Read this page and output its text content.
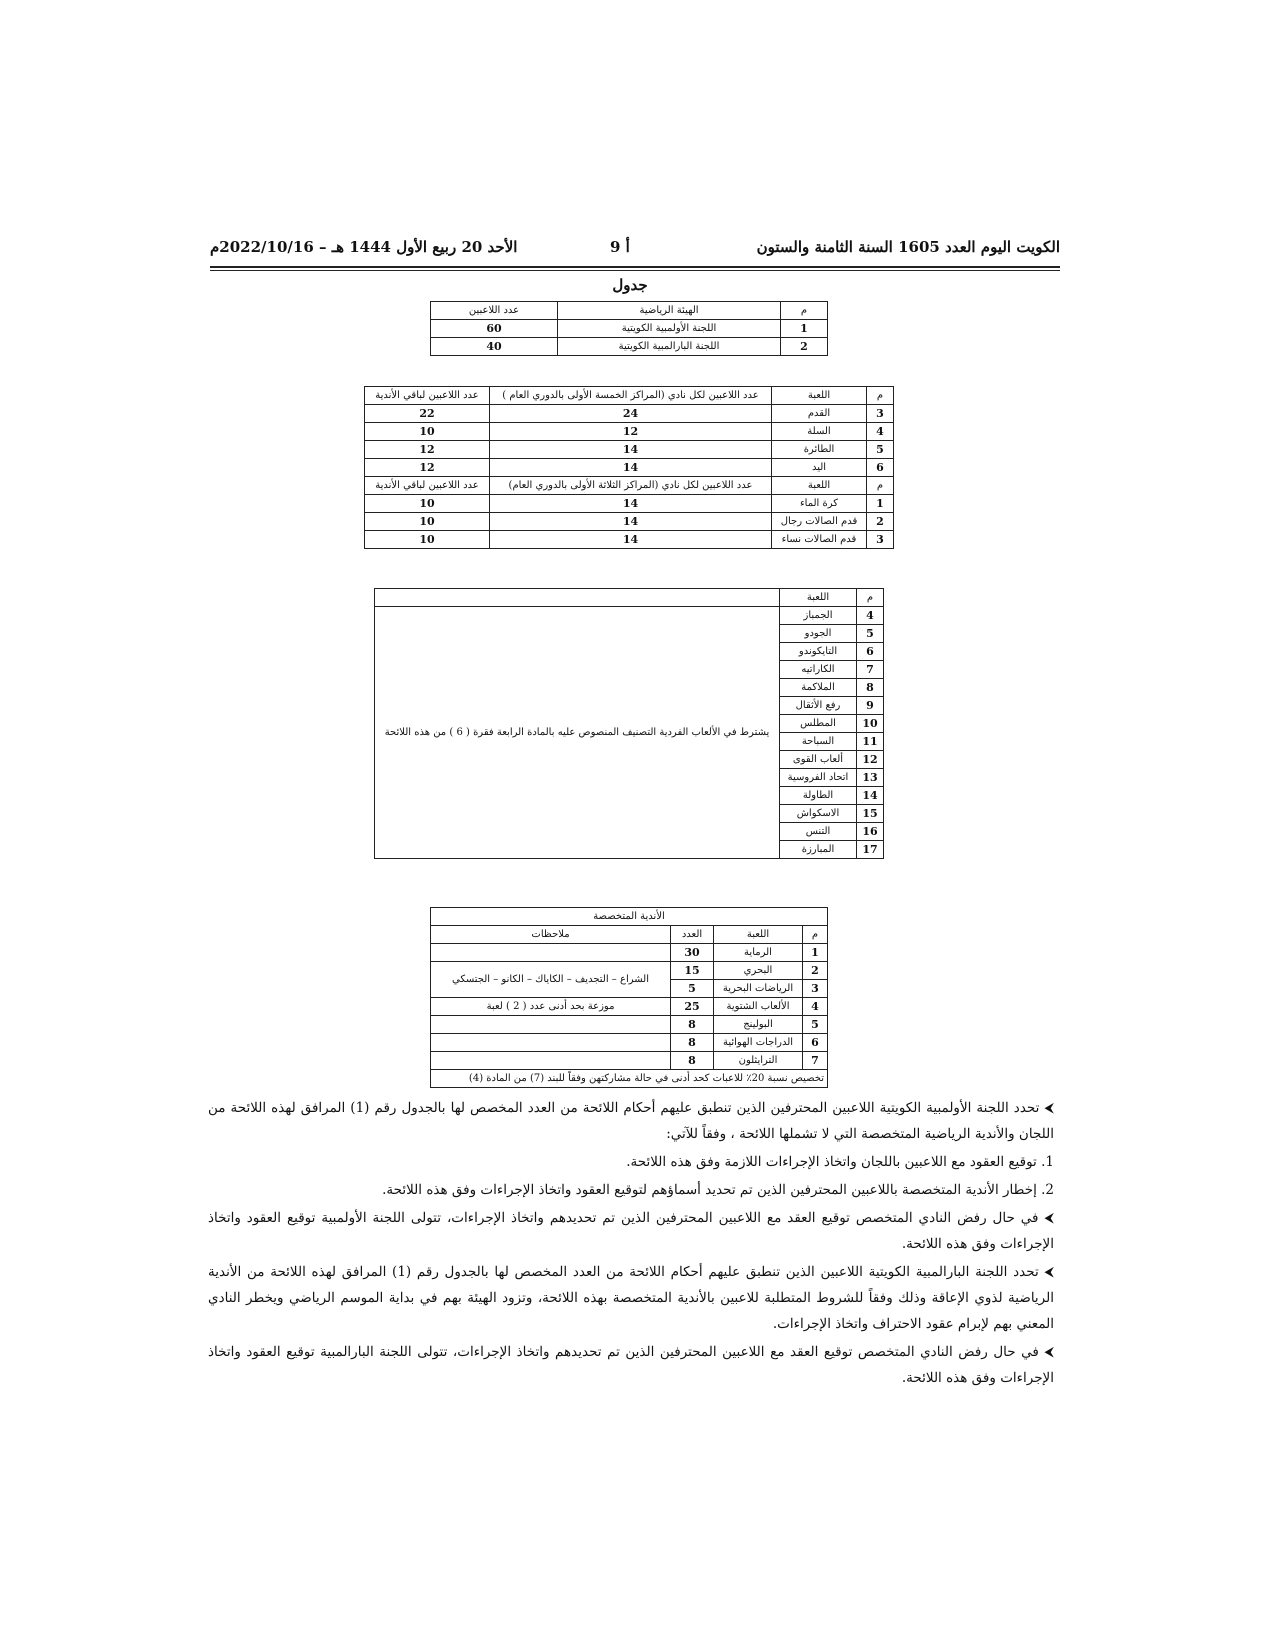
الكويت اليوم العدد 1605 السنة الثامنة والستون
أ 9
الأحد 20 ربيع الأول 1444 هـ – 2022/10/16م
جدول
م	الهيئة الرياضية	عدد اللاعبين
1	اللجنة الأولمبية الكويتية	60
2	اللجنة البارالمبية الكويتية	40
م	اللعبة	عدد اللاعبين لكل نادي (المراكز الخمسة الأولى بالدوري العام )	عدد اللاعبين لباقي الأندية
3	القدم	24	22
4	السلة	12	10
5	الطائرة	14	12
6	اليد	14	12
م	اللعبة	عدد اللاعبين لكل نادي (المراكز الثلاثة الأولى بالدوري العام)	عدد اللاعبين لباقي الأندية
1	كرة الماء	14	10
2	قدم الصالات رجال	14	10
3	قدم الصالات نساء	14	10
م	اللعبة	
4	الجمباز	يشترط في الألعاب الفردية التصنيف المنصوص عليه بالمادة الرابعة فقرة ( 6 ) من هذه اللائحة
5	الجودو	
6	التايكوندو	
7	الكاراتيه	
8	الملاكمة	
9	رفع الأثقال	
10	المطلس	
11	السباحة	
12	ألعاب القوى	
13	اتحاد الفروسية	
14	الطاولة	
15	الاسكواش	
16	التنس	
17	المبارزة	
الأندية المتخصصة			
م	اللعبة	العدد	ملاحظات
1	الرماية	30	
2	البحري	15	الشراع – التجديف – الكاياك – الكانو – الجتسكي
3	الرياضات البحرية	5	
4	الألعاب الشتوية	25	موزعة بحد أدنى عدد ( 2 ) لعبة
5	البولينج	8	
6	الدراجات الهوائية	8	
7	الترايثلون	8	
تخصيص نسبة 20٪ للاعبات كحد أدنى في حالة مشاركتهن وفقاً للبند (7) من المادة (4)			

⮜ تحدد اللجنة الأولمبية الكويتية اللاعبين المحترفين الذين تنطبق عليهم أحكام اللائحة من العدد المخصص لها بالجدول رقم (1) المرافق لهذه اللائحة من اللجان والأندية الرياضية المتخصصة التي لا تشملها اللائحة ، وفقاً للآتي:

1. توقيع العقود مع اللاعبين باللجان واتخاذ الإجراءات اللازمة وفق هذه اللائحة.

2. إخطار الأندية المتخصصة باللاعبين المحترفين الذين تم تحديد أسماؤهم لتوقيع العقود واتخاذ الإجراءات وفق هذه اللائحة.

⮜ في حال رفض النادي المتخصص توقيع العقد مع اللاعبين المحترفين الذين تم تحديدهم واتخاذ الإجراءات، تتولى اللجنة الأولمبية توقيع العقود واتخاذ الإجراءات وفق هذه اللائحة.

⮜ تحدد اللجنة البارالمبية الكويتية اللاعبين الذين تنطبق عليهم أحكام اللائحة من العدد المخصص لها بالجدول رقم (1) المرافق لهذه اللائحة من الأندية الرياضية لذوي الإعاقة وذلك وفقاً للشروط المتطلبة للاعبين بالأندية المتخصصة بهذه اللائحة، وتزود الهيئة بهم في بداية الموسم الرياضي ويخطر النادي المعني بهم لإبرام عقود الاحتراف واتخاذ الإجراءات.

⮜ في حال رفض النادي المتخصص توقيع العقد مع اللاعبين المحترفين الذين تم تحديدهم واتخاذ الإجراءات، تتولى اللجنة البارالمبية توقيع العقود واتخاذ الإجراءات وفق هذه اللائحة.
